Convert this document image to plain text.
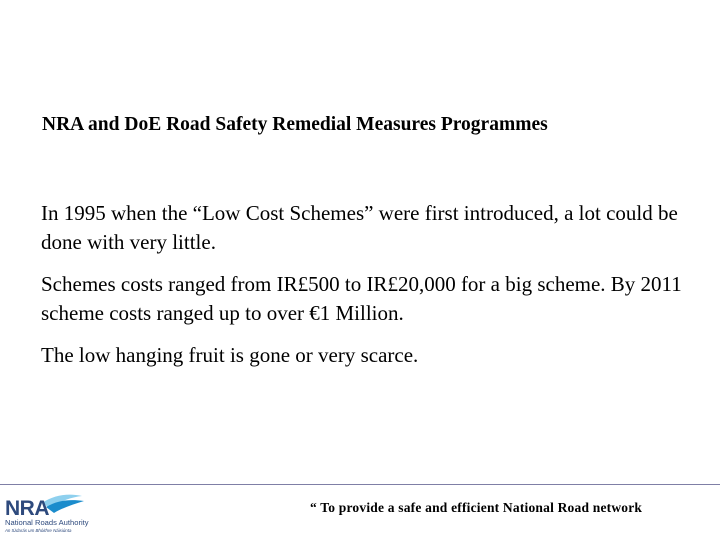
NRA and DoE Road Safety Remedial Measures Programmes

In 1995 when the “Low Cost Schemes” were first introduced, a lot could be done with very little.

Schemes costs ranged from IR£500 to IR£20,000 for a big scheme. By 2011 scheme costs ranged up to over €1 Million.

The low hanging fruit is gone or very scarce.

NRA
National Roads Authority
An tÚdarás um Bhóithre Náisiúnta
“ To provide a safe and efficient National Road network
